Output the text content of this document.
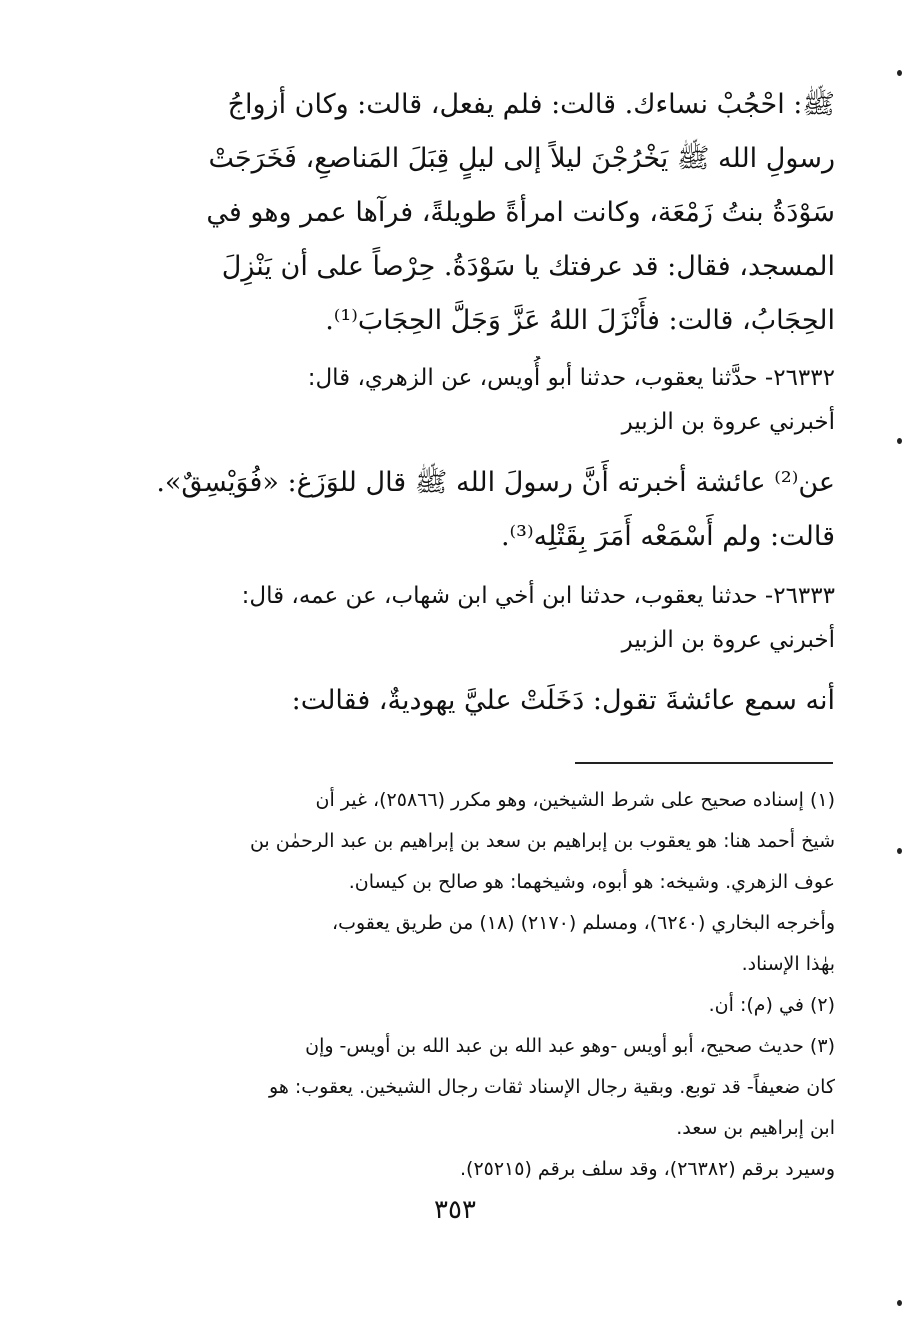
ﷺ: احْجُبْ نساءك. قالت: فلم يفعل، قالت: وكان أزواجُ
رسولِ الله ﷺ يَخْرُجْنَ ليلاً إلى ليلٍ قِبَلَ المَناصعِ، فَخَرَجَتْ
سَوْدَةُ بنتُ زَمْعَة، وكانت امرأةً طويلةً، فرآها عمر وهو في
المسجد، فقال: قد عرفتك يا سَوْدَةُ. حِرْصاً على أن يَنْزِلَ
الحِجَابُ، قالت: فأَنْزَلَ اللهُ عَزَّ وَجَلَّ الحِجَابَ⁽¹⁾.
٢٦٣٣٢- حدَّثنا يعقوب، حدثنا أبو أُويس، عن الزهري، قال:
أخبرني عروة بن الزبير
عن⁽²⁾ عائشة أخبرته أَنَّ رسولَ الله ﷺ قال للوَزَغ: «فُوَيْسِقٌ».
قالت: ولم أَسْمَعْه أَمَرَ بِقَتْلِه⁽³⁾.
٢٦٣٣٣- حدثنا يعقوب، حدثنا ابن أخي ابن شهاب، عن عمه، قال:
أخبرني عروة بن الزبير
أنه سمع عائشةَ تقول: دَخَلَتْ عليَّ يهوديةٌ، فقالت:
(١) إسناده صحيح على شرط الشيخين، وهو مكرر (٢٥٨٦٦)، غير أن
شيخ أحمد هنا: هو يعقوب بن إبراهيم بن سعد بن إبراهيم بن عبد الرحمٰن بن
عوف الزهري. وشيخه: هو أبوه، وشيخهما: هو صالح بن كيسان.
وأخرجه البخاري (٦٢٤٠)، ومسلم (٢١٧٠) (١٨) من طريق يعقوب،
بهٰذا الإسناد.
(٢) في (م): أن.
(٣) حديث صحيح، أبو أويس -وهو عبد الله بن عبد الله بن أويس- وإن
كان ضعيفاً- قد توبع. وبقية رجال الإسناد ثقات رجال الشيخين. يعقوب: هو
ابن إبراهيم بن سعد.
وسيرد برقم (٢٦٣٨٢)، وقد سلف برقم (٢٥٢١٥).
٣٥٣
